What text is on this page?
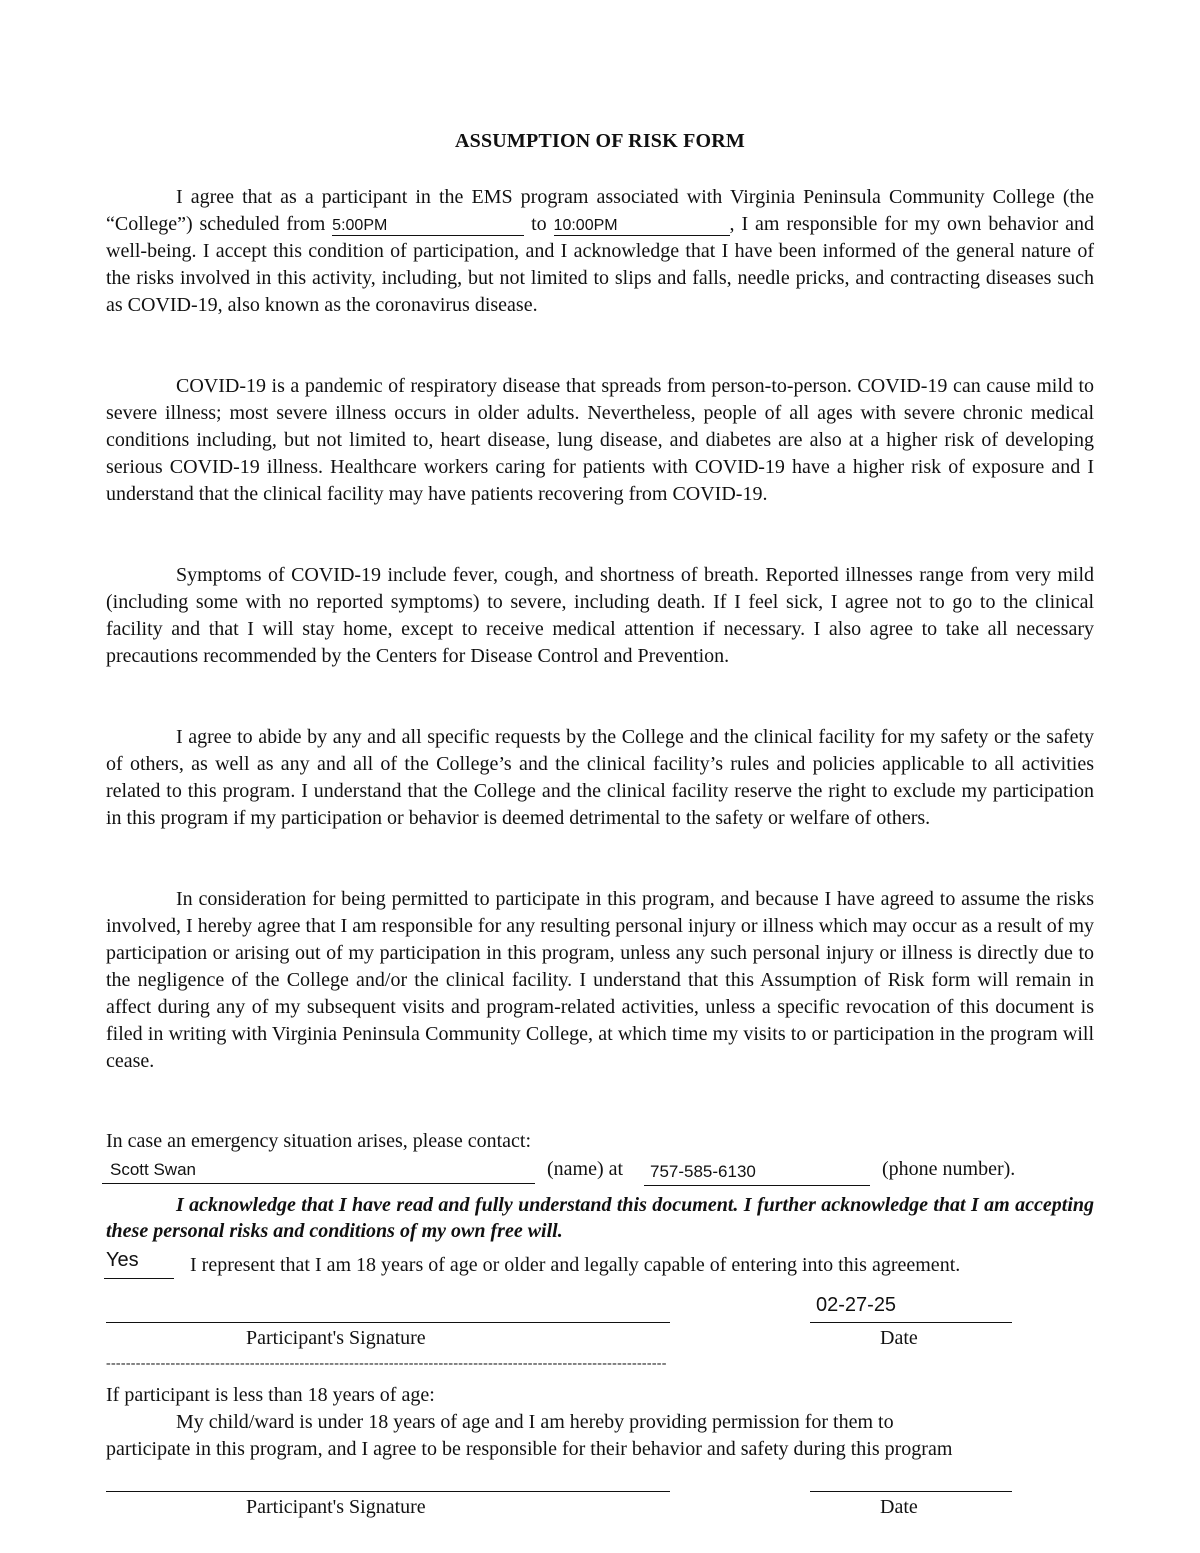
ASSUMPTION OF RISK FORM

I agree that as a participant in the EMS program associated with Virginia Peninsula Community College (the “College”) scheduled from 5:00PM	to 10:00PM	, I am responsible for my own behavior and well-being. I accept this condition of participation, and I acknowledge that I have been informed of the general nature of the risks involved in this activity, including, but not limited to slips and falls, needle pricks, and contracting diseases such as COVID-19, also known as the coronavirus disease.

COVID-19 is a pandemic of respiratory disease that spreads from person-to-person. COVID-19 can cause mild to severe illness; most severe illness occurs in older adults. Nevertheless, people of all ages with severe chronic medical conditions including, but not limited to, heart disease, lung disease, and diabetes are also at a higher risk of developing serious COVID-19 illness. Healthcare workers caring for patients with COVID-19 have a higher risk of exposure and I understand that the clinical facility may have patients recovering from COVID-19.

Symptoms of COVID-19 include fever, cough, and shortness of breath. Reported illnesses range from very mild (including some with no reported symptoms) to severe, including death. If I feel sick, I agree not to go to the clinical facility and that I will stay home, except to receive medical attention if necessary. I also agree to take all necessary precautions recommended by the Centers for Disease Control and Prevention.

I agree to abide by any and all specific requests by the College and the clinical facility for my safety or the safety of others, as well as any and all of the College’s and the clinical facility’s rules and policies applicable to all activities related to this program. I understand that the College and the clinical facility reserve the right to exclude my participation in this program if my participation or behavior is deemed detrimental to the safety or welfare of others.

In consideration for being permitted to participate in this program, and because I have agreed to assume the risks involved, I hereby agree that I am responsible for any resulting personal injury or illness which may occur as a result of my participation or arising out of my participation in this program, unless any such personal injury or illness is directly due to the negligence of the College and/or the clinical facility. I understand that this Assumption of Risk form will remain in affect during any of my subsequent visits and program-related activities, unless a specific revocation of this document is filed in writing with Virginia Peninsula Community College, at which time my visits to or participation in the program will cease.

In case an emergency situation arises, please contact:
Scott Swan	(name) at 757-585-6130	(phone number).

I acknowledge that I have read and fully understand this document. I further acknowledge that I am accepting these personal risks and conditions of my own free will.

Yes	I represent that I am 18 years of age or older and legally capable of entering into this agreement.
Participant's Signature
02-27-25
Date
-----------------------------------------------------------------------------------------------------------------
If participant is less than 18 years of age:
My child/ward is under 18 years of age and I am hereby providing permission for them to
participate in this program, and I agree to be responsible for their behavior and safety during this program
Participant's Signature	Date
